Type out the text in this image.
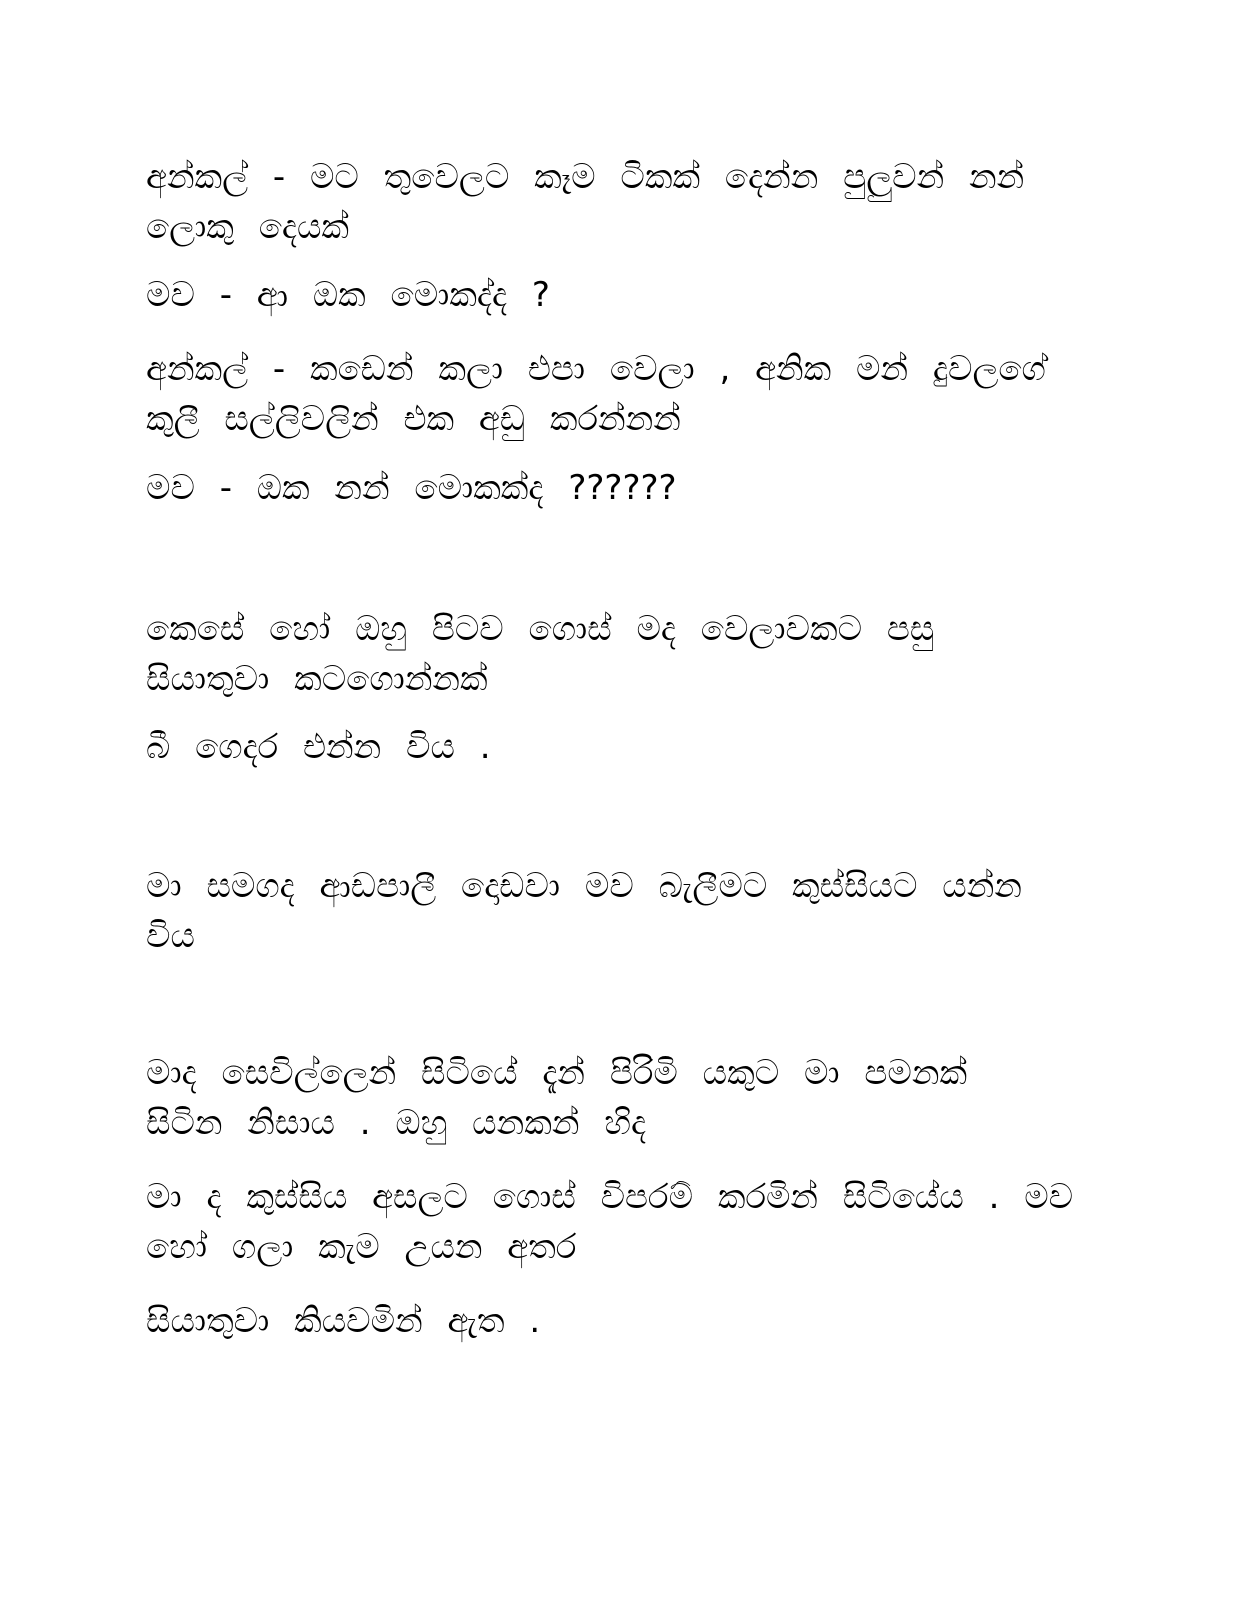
අන්කල් - මට තුවෙලට කෑම ටිකක් දෙන්න පුලුවන් නන්
ලොකු දෙයක්
මව - ආ ඔක මොකද්ද ?
අන්කල් - කඩෙන් කලා එපා වෙලා , අනික මන් දුවලගේ
කුලී සල්ලිවලින් එක අඩු කරන්නන්
මව - ඔක නන් මොකක්ද ??????
කෙසේ හෝ ඔහු පිටව ගොස් මද වෙලාවකට පසු
සියාතුවා කටගොන්නක්
බී ගෙදර එන්න විය .
මා සමගද ආඩපාලී දොඩවා මව බැලීමට කුස්සියට යන්න
විය
මාද සෙවිල්ලෙන් සිටියේ දැන් පිරිමි යකුට මා පමනක්
සිටින නිසාය . ඔහු යනකන් හිද
මා ද කුස්සිය අසලට ගොස් විපරම් කරමින් සිටියේය . මව
හෝ ගලා කැම උයන අතර
සියාතුවා කියවමින් ඇත .
